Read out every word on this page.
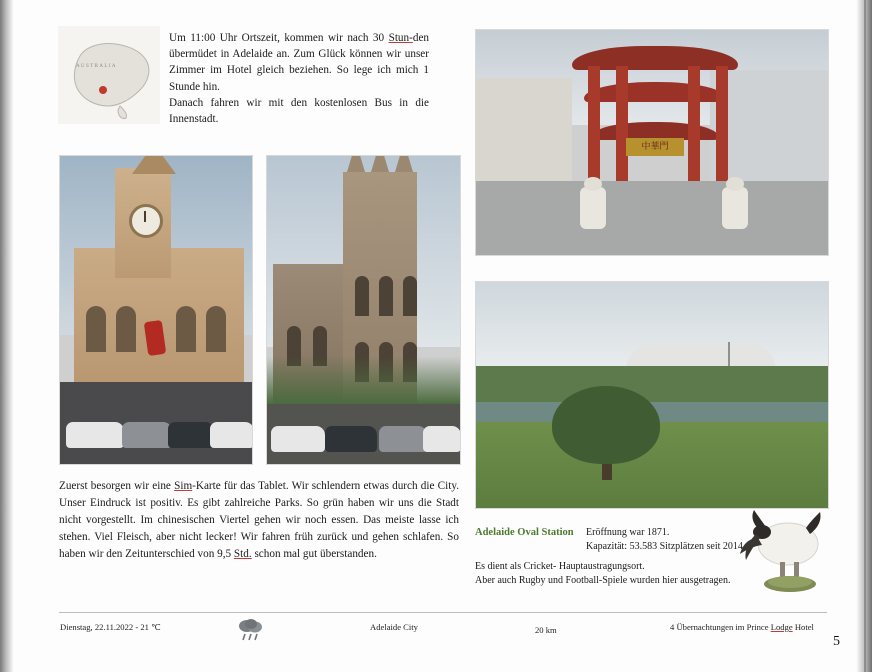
AUSTRALIA

Um 11:00 Uhr Ortszeit, kommen wir nach 30 Stun-den übermüdet in Adelaide an. Zum Glück können wir unser Zimmer im Hotel gleich beziehen. So lege ich mich 1 Stunde hin.

Danach fahren wir mit den kostenlosen Bus in die Innenstadt.

中華門

Zuerst besorgen wir eine Sim-Karte für das Tablet. Wir schlendern etwas durch die City. Unser Eindruck ist positiv. Es gibt zahlreiche Parks. So grün haben wir uns die Stadt nicht vorgestellt. Im chinesischen Viertel gehen wir noch essen. Das meiste lasse ich stehen. Viel Fleisch, aber nicht lecker! Wir fahren früh zurück und gehen schlafen. So haben wir den Zeitunterschied von 9,5 Std. schon mal gut überstanden.

Adelaide Oval Station Eröffnung war 1871.
Kapazität: 53.583 Sitzplätzen seit 2014
Es dient als Cricket- Hauptaustragungsort.
Aber auch Rugby und Football-Spiele wurden hier ausgetragen.
Dienstag, 22.11.2022 - 21 ℃	Adelaide City	20 km	4 Übernachtungen im Prince Lodge Hotel
5
